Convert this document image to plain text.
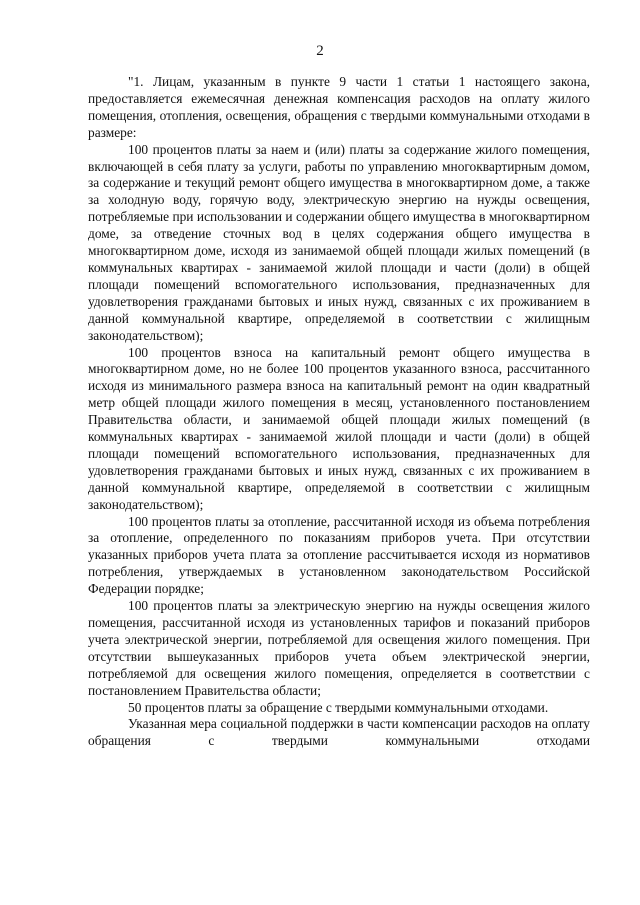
2

"1. Лицам, указанным в пункте 9 части 1 статьи 1 настоящего закона, предоставляется ежемесячная денежная компенсация расходов на оплату жилого помещения, отопления, освещения, обращения с твердыми коммунальными отходами в размере:

100 процентов платы за наем и (или) платы за содержание жилого помещения, включающей в себя плату за услуги, работы по управлению многоквартирным домом, за содержание и текущий ремонт общего имущества в многоквартирном доме, а также за холодную воду, горячую воду, электрическую энергию на нужды освещения, потребляемые при использовании и содержании общего имущества в многоквартирном доме, за отведение сточных вод в целях содержания общего имущества в многоквартирном доме, исходя из занимаемой общей площади жилых помещений (в коммунальных квартирах - занимаемой жилой площади и части (доли) в общей площади помещений вспомогательного использования, предназначенных для удовлетворения гражданами бытовых и иных нужд, связанных с их проживанием в данной коммунальной квартире, определяемой в соответствии с жилищным законодательством);

100 процентов взноса на капитальный ремонт общего имущества в многоквартирном доме, но не более 100 процентов указанного взноса, рассчитанного исходя из минимального размера взноса на капитальный ремонт на один квадратный метр общей площади жилого помещения в месяц, установленного постановлением Правительства области, и занимаемой общей площади жилых помещений (в коммунальных квартирах - занимаемой жилой площади и части (доли) в общей площади помещений вспомогательного использования, предназначенных для удовлетворения гражданами бытовых и иных нужд, связанных с их проживанием в данной коммунальной квартире, определяемой в соответствии с жилищным законодательством);

100 процентов платы за отопление, рассчитанной исходя из объема потребления за отопление, определенного по показаниям приборов учета. При отсутствии указанных приборов учета плата за отопление рассчитывается исходя из нормативов потребления, утверждаемых в установленном законодательством Российской Федерации порядке;

100 процентов платы за электрическую энергию на нужды освещения жилого помещения, рассчитанной исходя из установленных тарифов и показаний приборов учета электрической энергии, потребляемой для освещения жилого помещения. При отсутствии вышеуказанных приборов учета объем электрической энергии, потребляемой для освещения жилого помещения, определяется в соответствии с постановлением Правительства области;

50 процентов платы за обращение с твердыми коммунальными отходами.

Указанная мера социальной поддержки в части компенсации расходов на оплату обращения с твердыми коммунальными отходами
